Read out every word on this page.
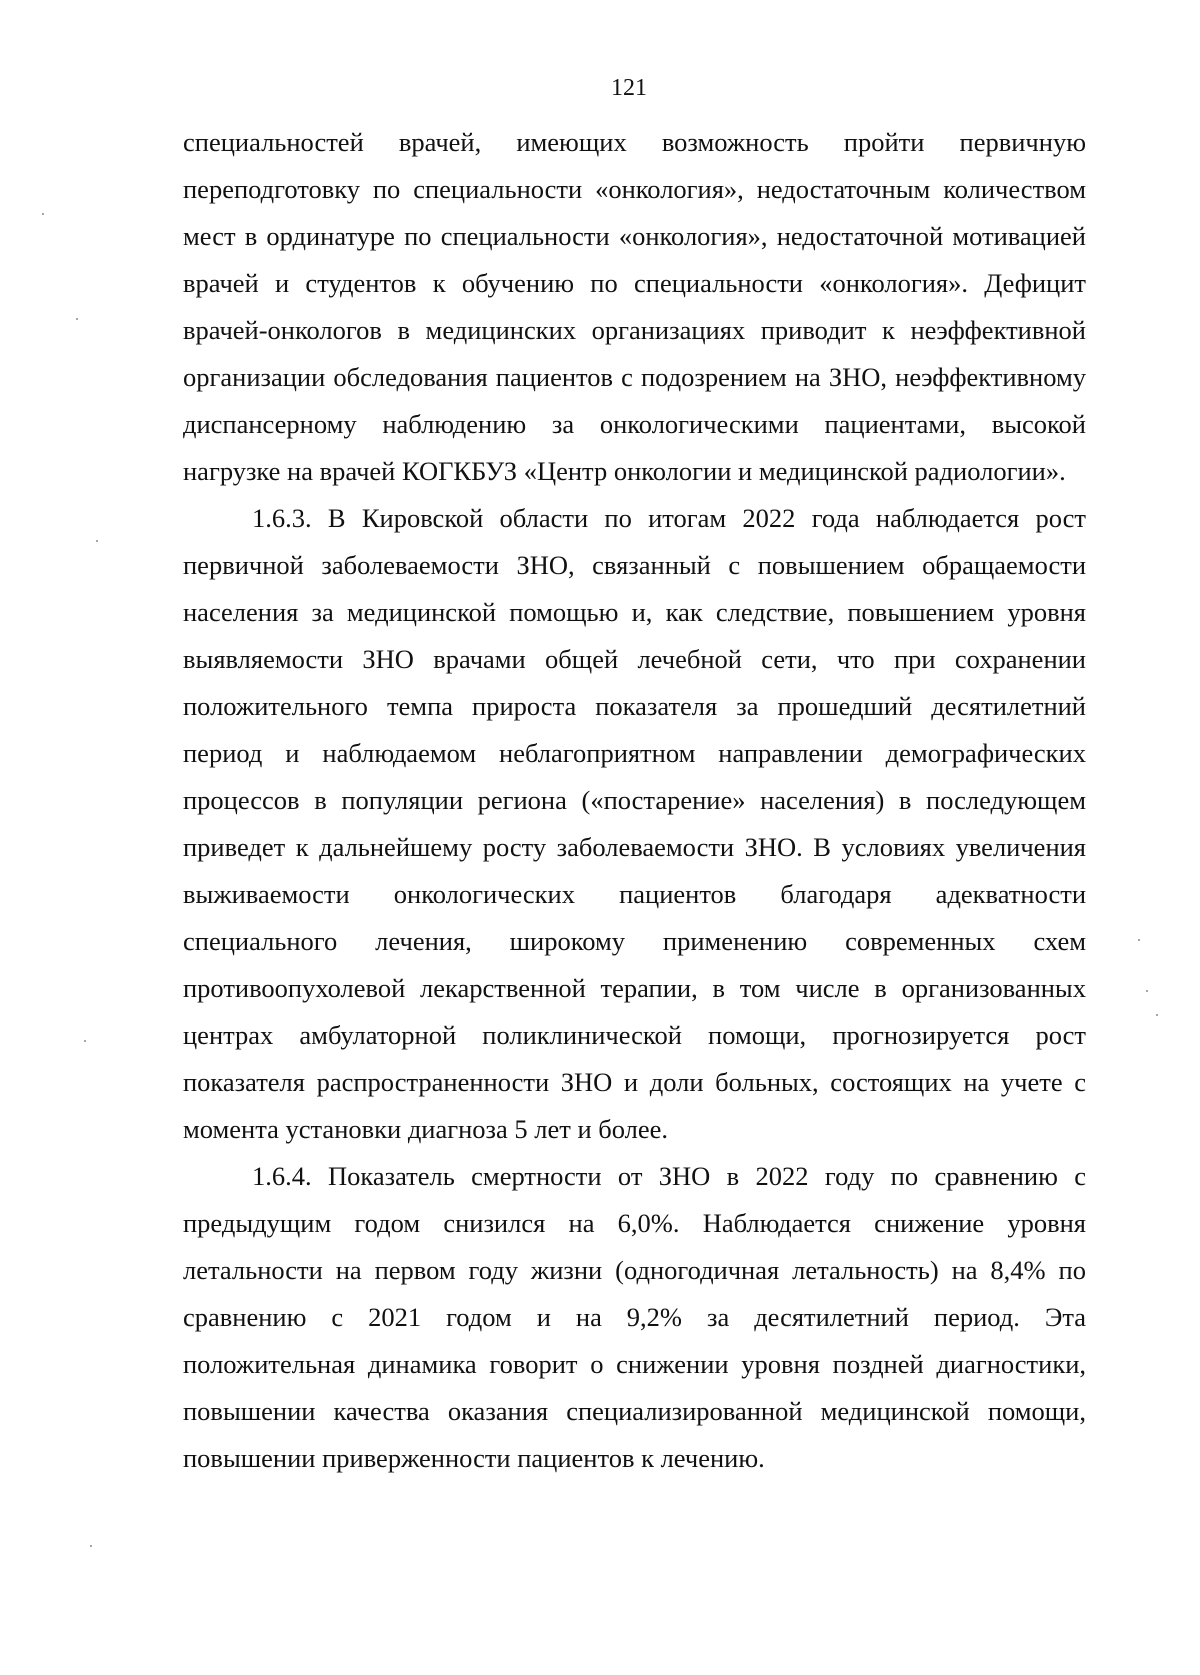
121
специальностей врачей, имеющих возможность пройти первичную
переподготовку по специальности «онкология», недостаточным количеством
мест в ординатуре по специальности «онкология», недостаточной мотивацией
врачей и студентов к обучению по специальности «онкология». Дефицит
врачей-онкологов в медицинских организациях приводит к неэффективной
организации обследования пациентов с подозрением на ЗНО, неэффективному
диспансерному наблюдению за онкологическими пациентами, высокой
нагрузке на врачей КОГКБУЗ «Центр онкологии и медицинской радиологии».
1.6.3. В Кировской области по итогам 2022 года наблюдается рост
первичной заболеваемости ЗНО, связанный с повышением обращаемости
населения за медицинской помощью и, как следствие, повышением уровня
выявляемости ЗНО врачами общей лечебной сети, что при сохранении
положительного темпа прироста показателя за прошедший десятилетний
период и наблюдаемом неблагоприятном направлении демографических
процессов в популяции региона («постарение» населения) в последующем
приведет к дальнейшему росту заболеваемости ЗНО. В условиях увеличения
выживаемости онкологических пациентов благодаря адекватности
специального лечения, широкому применению современных схем
противоопухолевой лекарственной терапии, в том числе в организованных
центрах амбулаторной поликлинической помощи, прогнозируется рост
показателя распространенности ЗНО и доли больных, состоящих на учете с
момента установки диагноза 5 лет и более.
1.6.4. Показатель смертности от ЗНО в 2022 году по сравнению с
предыдущим годом снизился на 6,0%. Наблюдается снижение уровня
летальности на первом году жизни (одногодичная летальность) на 8,4% по
сравнению с 2021 годом и на 9,2% за десятилетний период. Эта
положительная динамика говорит о снижении уровня поздней диагностики,
повышении качества оказания специализированной медицинской помощи,
повышении приверженности пациентов к лечению.
